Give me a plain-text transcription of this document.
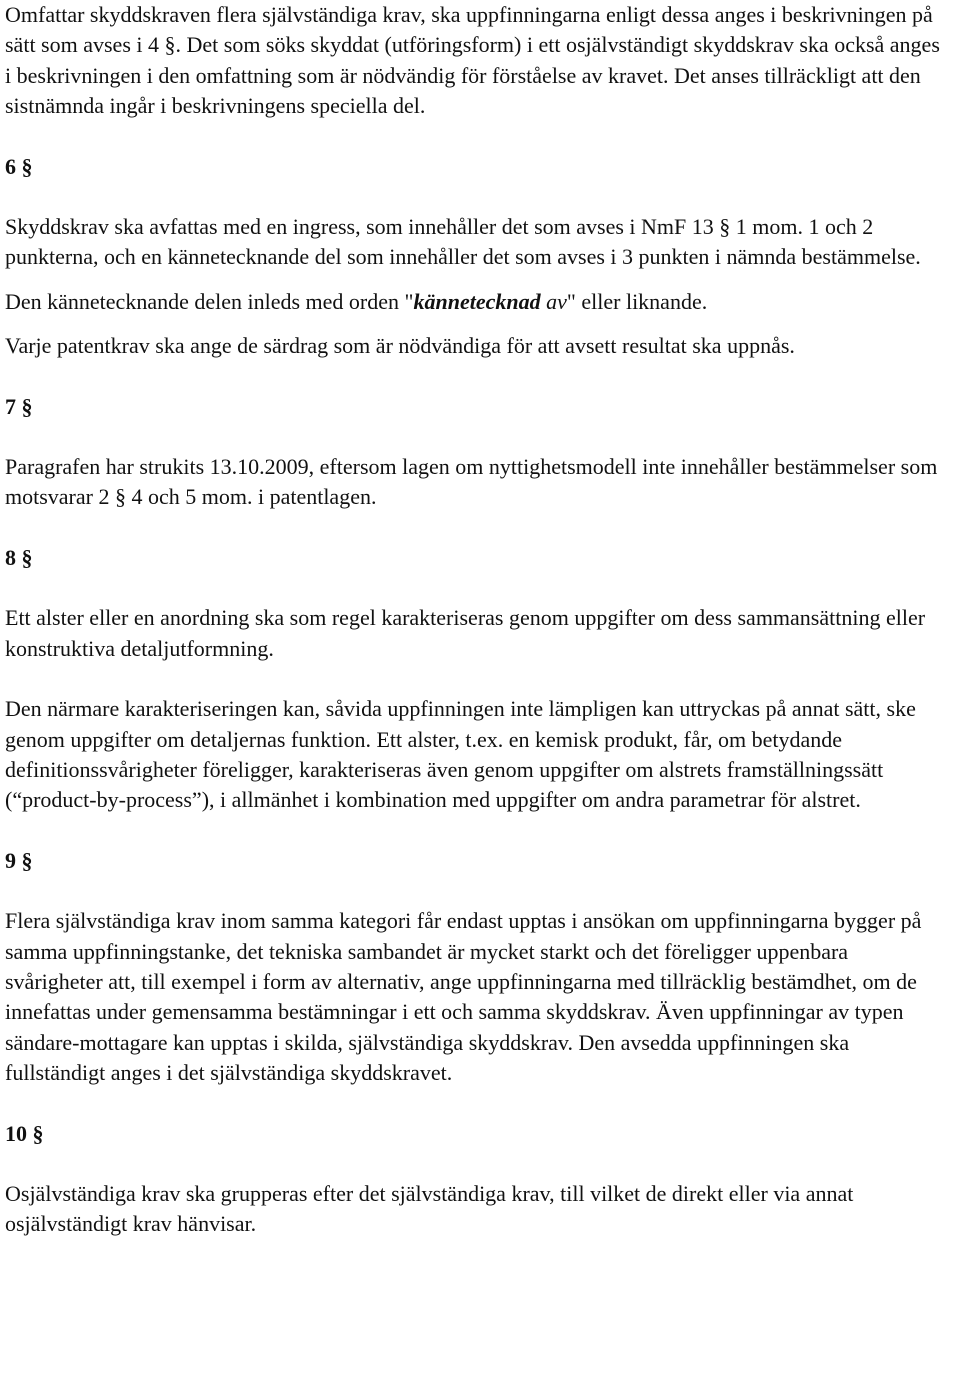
Omfattar skyddskraven flera självständiga krav, ska uppfinningarna enligt dessa anges i beskrivningen på sätt som avses i 4 §. Det som söks skyddat (utföringsform) i ett osjälvständigt skyddskrav ska också anges i beskrivningen i den omfattning som är nödvändig för förståelse av kravet. Det anses tillräckligt att den sistnämnda ingår i beskrivningens speciella del.

6 §

Skyddskrav ska avfattas med en ingress, som innehåller det som avses i NmF 13 § 1 mom. 1 och 2 punkterna, och en kännetecknande del som innehåller det som avses i 3 punkten i nämnda bestämmelse.

Den kännetecknande delen inleds med orden "kännetecknad av" eller liknande.

Varje patentkrav ska ange de särdrag som är nödvändiga för att avsett resultat ska uppnås.

7 §

Paragrafen har strukits 13.10.2009, eftersom lagen om nyttighetsmodell inte innehåller bestämmelser som motsvarar 2 § 4 och 5 mom. i patentlagen.

8 §

Ett alster eller en anordning ska som regel karakteriseras genom uppgifter om dess sammansättning eller konstruktiva detaljutformning.

Den närmare karakteriseringen kan, såvida uppfinningen inte lämpligen kan uttryckas på annat sätt, ske genom uppgifter om detaljernas funktion. Ett alster, t.ex. en kemisk produkt, får, om betydande definitionssvårigheter föreligger, karakteriseras även genom uppgifter om alstrets framställningssätt (“product-by-process”), i allmänhet i kombination med uppgifter om andra parametrar för alstret.

9 §

Flera självständiga krav inom samma kategori får endast upptas i ansökan om uppfinningarna bygger på samma uppfinningstanke, det tekniska sambandet är mycket starkt och det föreligger uppenbara svårigheter att, till exempel i form av alternativ, ange uppfinningarna med tillräcklig bestämdhet, om de innefattas under gemensamma bestämningar i ett och samma skyddskrav. Även uppfinningar av typen sändare-mottagare kan upptas i skilda, självständiga skyddskrav. Den avsedda uppfinningen ska fullständigt anges i det självständiga skyddskravet.

10 §

Osjälvständiga krav ska grupperas efter det självständiga krav, till vilket de direkt eller via annat osjälvständigt krav hänvisar.
